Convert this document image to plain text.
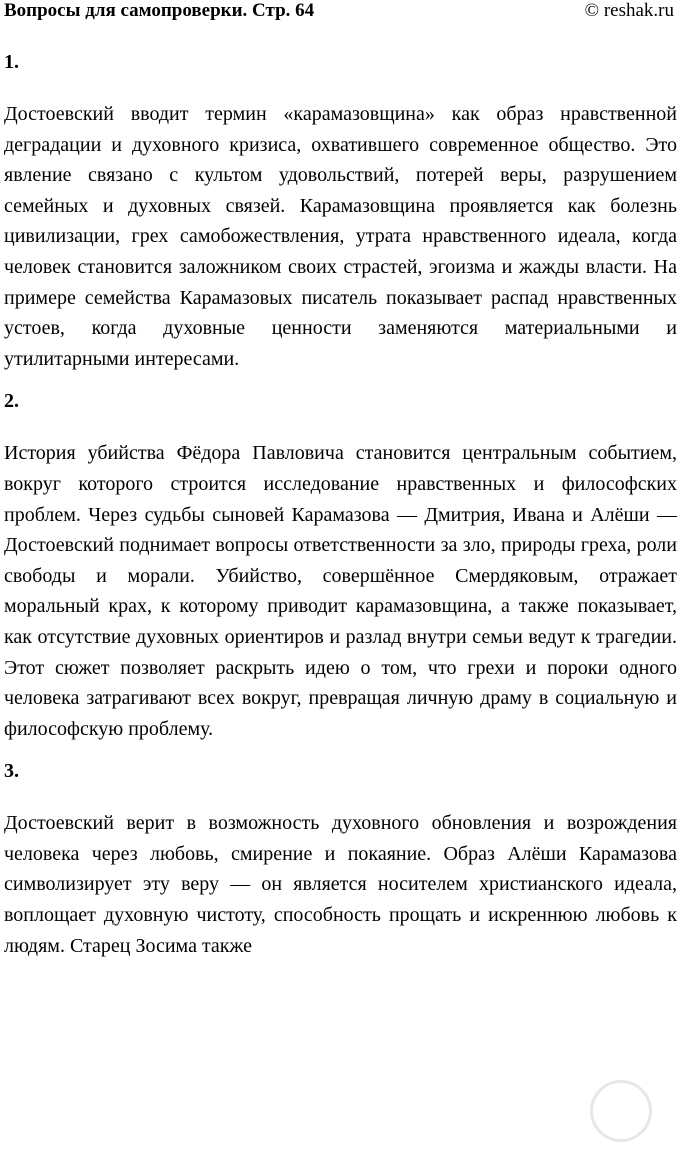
Вопросы для самопроверки. Стр. 64	© reshak.ru

1.

Достоевский вводит термин «карамазовщина» как образ нравственной деградации и духовного кризиса, охватившего современное общество. Это явление связано с культом удовольствий, потерей веры, разрушением семейных и духовных связей. Карамазовщина проявляется как болезнь цивилизации, грех самобожествления, утрата нравственного идеала, когда человек становится заложником своих страстей, эгоизма и жажды власти. На примере семейства Карамазовых писатель показывает распад нравственных устоев, когда духовные ценности заменяются материальными и утилитарными интересами.

2.

История убийства Фёдора Павловича становится центральным событием, вокруг которого строится исследование нравственных и философских проблем. Через судьбы сыновей Карамазова — Дмитрия, Ивана и Алёши — Достоевский поднимает вопросы ответственности за зло, природы греха, роли свободы и морали. Убийство, совершённое Смердяковым, отражает моральный крах, к которому приводит карамазовщина, а также показывает, как отсутствие духовных ориентиров и разлад внутри семьи ведут к трагедии. Этот сюжет позволяет раскрыть идею о том, что грехи и пороки одного человека затрагивают всех вокруг, превращая личную драму в социальную и философскую проблему.

3.

Достоевский верит в возможность духовного обновления и возрождения человека через любовь, смирение и покаяние. Образ Алёши Карамазова символизирует эту веру — он является носителем христианского идеала, воплощает духовную чистоту, способность прощать и искреннюю любовь к людям. Старец Зосима также
